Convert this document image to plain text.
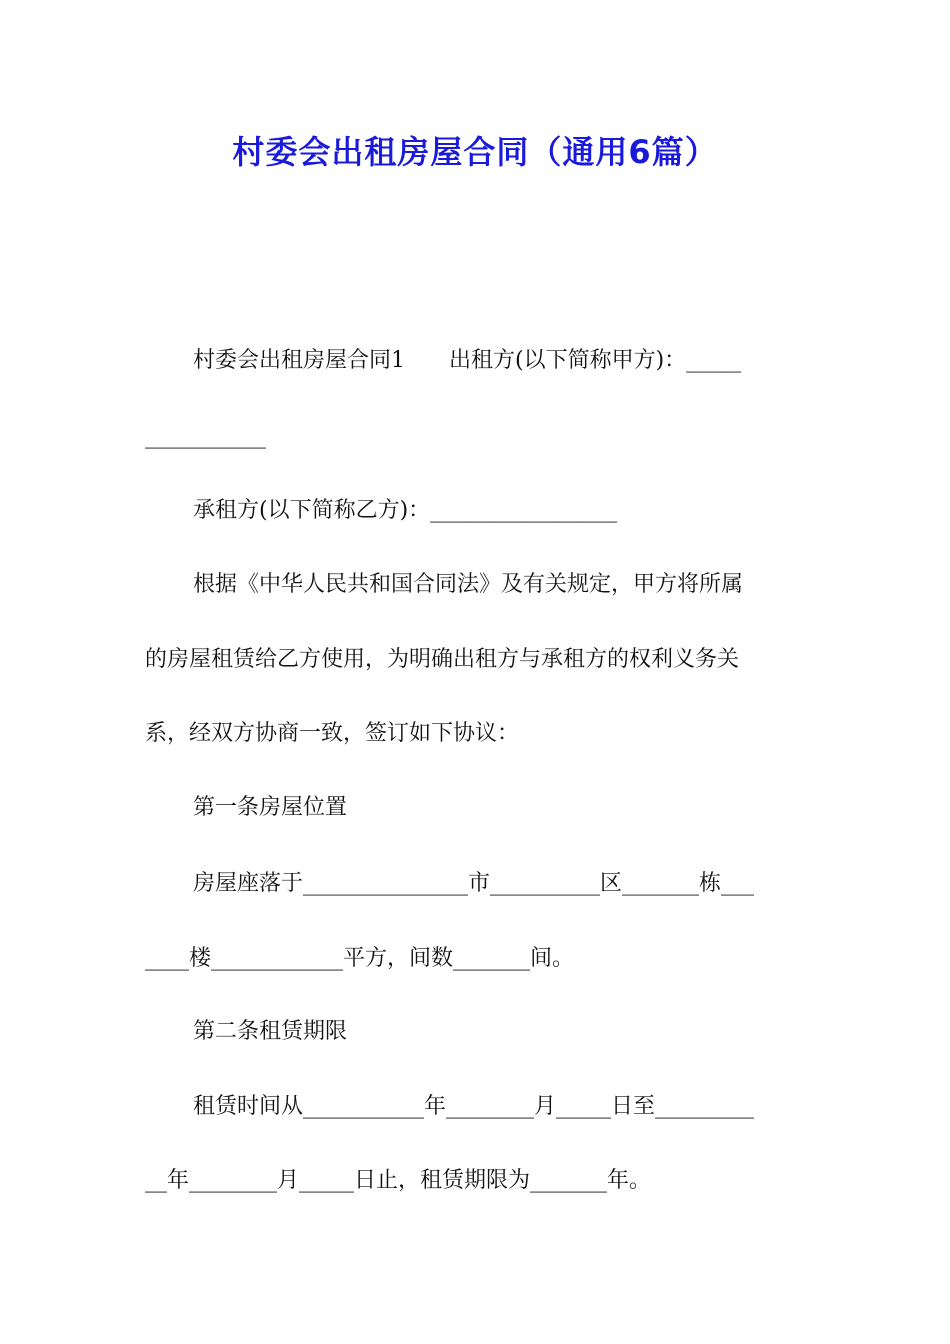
村委会出租房屋合同（通用6篇）

村委会出租房屋合同1　　出租方(以下简称甲方)：_____

___________

承租方(以下简称乙方)：_________________

根据《中华人民共和国合同法》及有关规定，甲方将所属

的房屋租赁给乙方使用，为明确出租方与承租方的权利义务关

系，经双方协商一致，签订如下协议：

第一条房屋位置

房屋座落于_______________市__________区_______栋___

____楼____________平方，间数_______间。

第二条租赁期限

租赁时间从___________年________月_____日至_________

__年________月_____日止，租赁期限为_______年。
